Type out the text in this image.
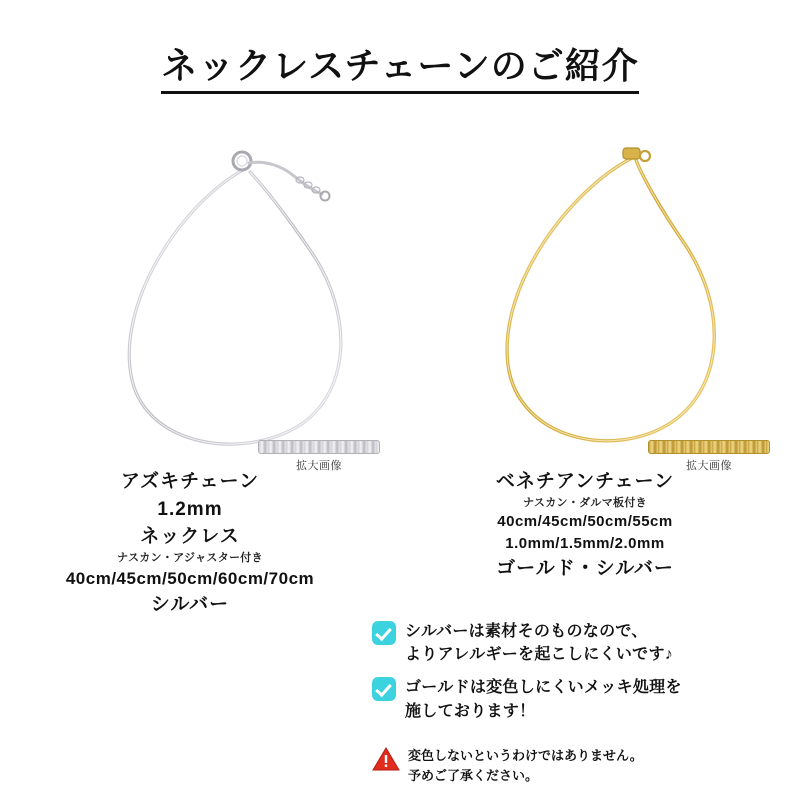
ネックレスチェーンのご紹介
拡大画像	拡大画像
アズキチェーン
1.2mm
ネックレス
ナスカン・アジャスター付き
40cm/45cm/50cm/60cm/70cm
シルバー
ベネチアンチェーン
ナスカン・ダルマ板付き
40cm/45cm/50cm/55cm
1.0mm/1.5mm/2.0mm
ゴールド・シルバー
シルバーは素材そのものなので、
よりアレルギーを起こしにくいです♪
ゴールドは変色しにくいメッキ処理を
施しております！
変色しないというわけではありません。
予めご了承ください。
